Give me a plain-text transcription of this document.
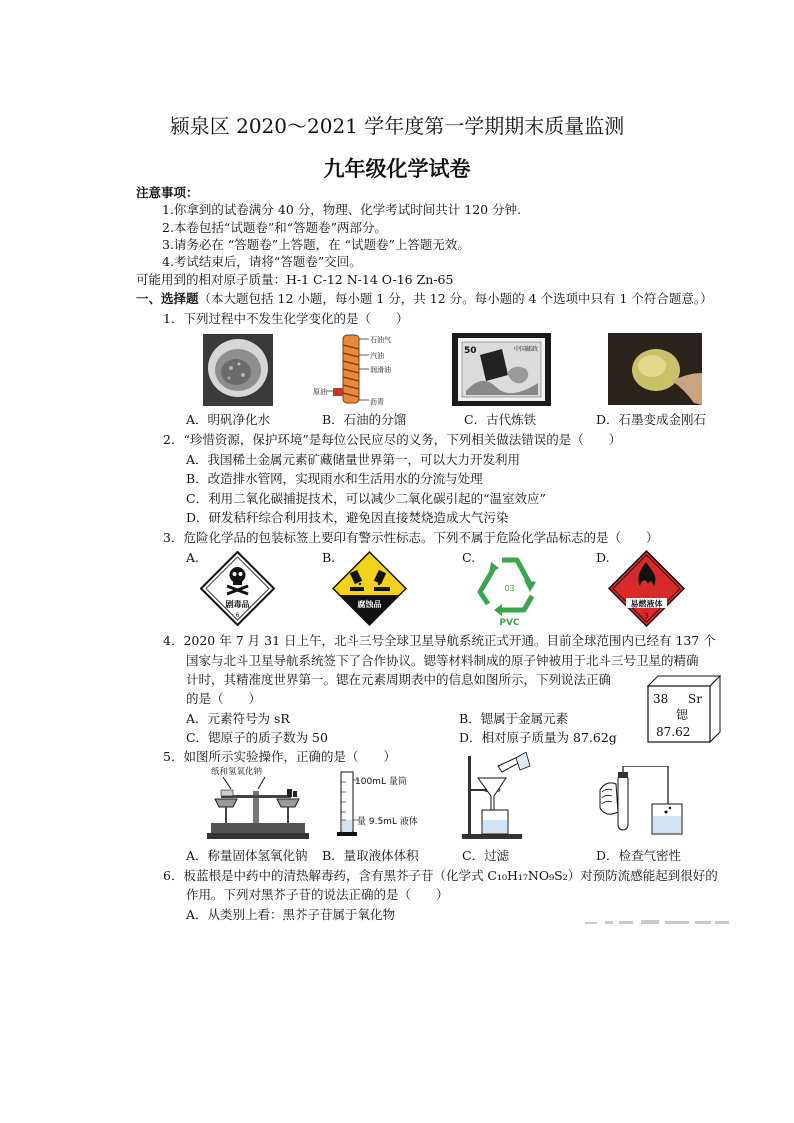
颍泉区 2020～2021 学年度第一学期期末质量监测
九年级化学试卷
注意事项：
1.你拿到的试卷满分 40 分，物理、化学考试时间共计 120 分钟.
2.本卷包括“试题卷”和“答题卷”两部分。
3.请务必在 “答题卷”上答题，在 “试题卷”上答题无效。
4.考试结束后，请将“答题卷”交回。
可能用到的相对原子质量：H-1 C-12 N-14 O-16 Zn-65
一、选择题（本大题包括 12 小题，每小题 1 分，共 12 分。每小题的 4 个选项中只有 1 个符合题意。）
1．下列过程中不发生化学变化的是（　　）
石油气
汽油
润滑油
原油
沥青
50	中国邮政
A．明矾净化水	B．石油的分馏	C．古代炼铁	D．石墨变成金刚石
2．“珍惜资源，保护环境”是每位公民应尽的义务，下列相关做法错误的是（　　）
A．我国稀土金属元素矿藏储量世界第一，可以大力开发利用
B．改造排水管网，实现雨水和生活用水的分流与处理
C．利用二氧化碳捕捉技术，可以减少二氧化碳引起的“温室效应”
D．研发秸秆综合利用技术，避免因直接焚烧造成大气污染
3．危险化学品的包装标签上要印有警示性标志。下列不属于危险化学品标志的是（　　）
A.	B.	C.	D.
剧毒品
6
腐蚀品
03
PVC
易燃液体
3
4．2020 年 7 月 31 日上午，北斗三号全球卫星导航系统正式开通。目前全球范围内已经有 137 个
国家与北斗卫星导航系统签下了合作协议。锶等材料制成的原子钟被用于北斗三号卫星的精确
计时，其精准度世界第一。锶在元素周期表中的信息如图所示，下列说法正确
的是（　　）	38 Sr
锶
87.62
A．元素符号为 sR	B．锶属于金属元素
C．锶原子的质子数为 50	D．相对原子质量为 87.62g
5．如图所示实验操作，正确的是（　　）
纸和氢氧化钠
100mL 量筒
量 9.5mL 液体
A．称量固体氢氧化钠 B．量取液体体积	C．过滤	D．检查气密性
6．板蓝根是中药中的清热解毒药，含有黑芥子苷（化学式 C₁₀H₁₇NO₉S₂）对预防流感能起到很好的
作用。下列对黑芥子苷的说法正确的是（　　）
A．从类别上看：黑芥子苷属于氧化物
